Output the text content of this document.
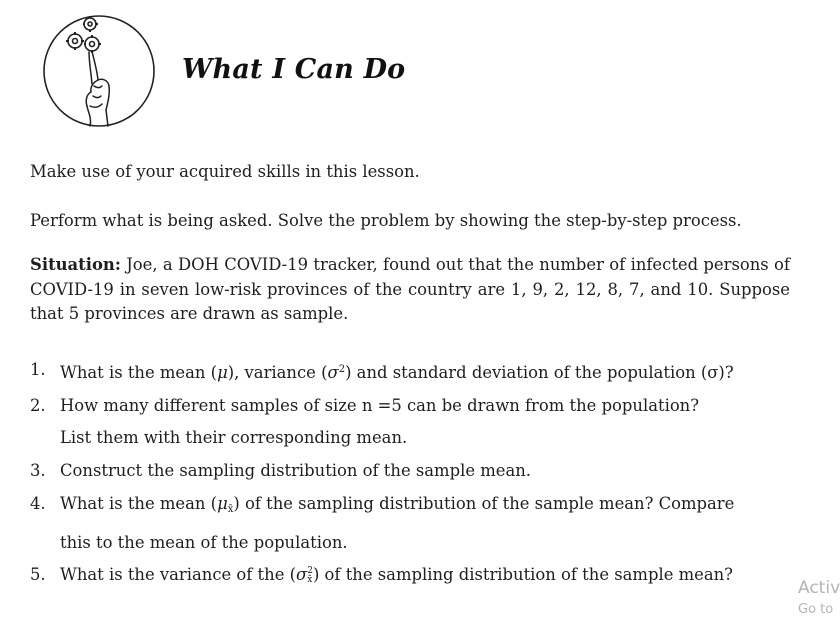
What I Can Do
Make use of your acquired skills in this lesson.
Perform what is being asked. Solve the problem by showing the step-by-step process.
Situation: Joe, a DOH COVID-19 tracker, found out that the number of infected persons of COVID-19 in seven low-risk provinces of the country are 1, 9, 2, 12, 8, 7, and 10. Suppose that 5 provinces are drawn as sample.
1. What is the mean (μ), variance $(\sigma^2)$ and standard deviation of the population (σ)?
2. How many different samples of size n =5 can be drawn from the population?
List them with their corresponding mean.
3. Construct the sampling distribution of the sample mean.
4. What is the mean $(\mu_{x̄})$ of the sampling distribution of the sample mean? Compare
this to the mean of the population.
5. What is the variance of the (σ 2
x̄ ) of the sampling distribution of the sample mean?
Activ
Go to
